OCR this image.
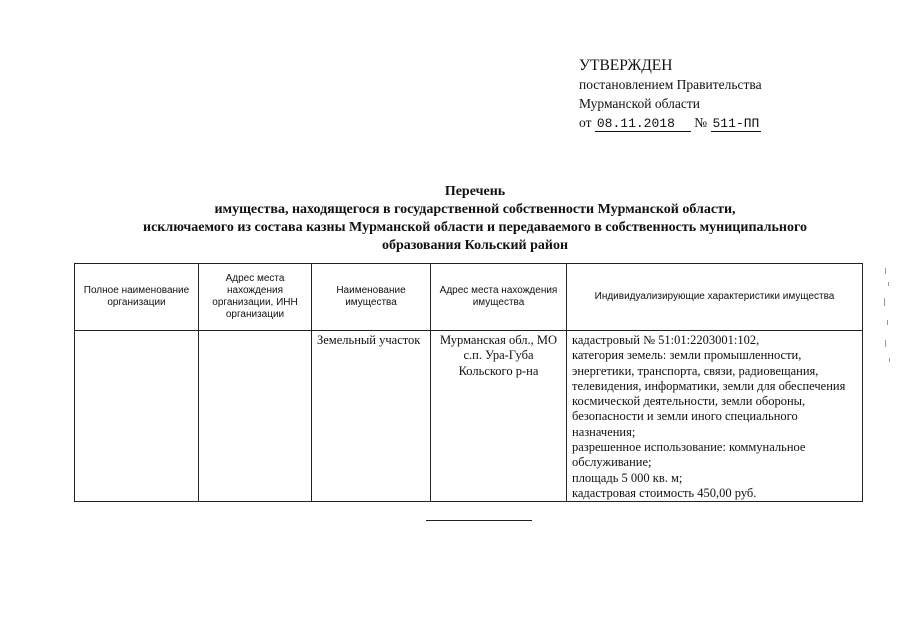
УТВЕРЖДЕН
постановлением Правительства
Мурманской области
от 08.11.2018 № 511-ПП
Перечень
имущества, находящегося в государственной собственности Мурманской области,
исключаемого из состава казны Мурманской области и передаваемого в собственность муниципального
образования Кольский район
Полное наименование организации	Адрес места нахождения организации, ИНН организации	Наименование имущества	Адрес места нахождения имущества	Индивидуализирующие характеристики имущества
		Земельный участок	Мурманская обл., МО с.п. Ура-Губа Кольского р-на	кадастровый № 51:01:2203001:102,
категория земель: земли промышленности, энергетики, транспорта, связи, радиовещания, телевидения, информатики, земли для обеспечения космической деятельности, земли обороны, безопасности и земли иного специального назначения;
разрешенное использование: коммунальное обслуживание;
площадь 5 000 кв. м;
кадастровая стоимость 450,00 руб.
